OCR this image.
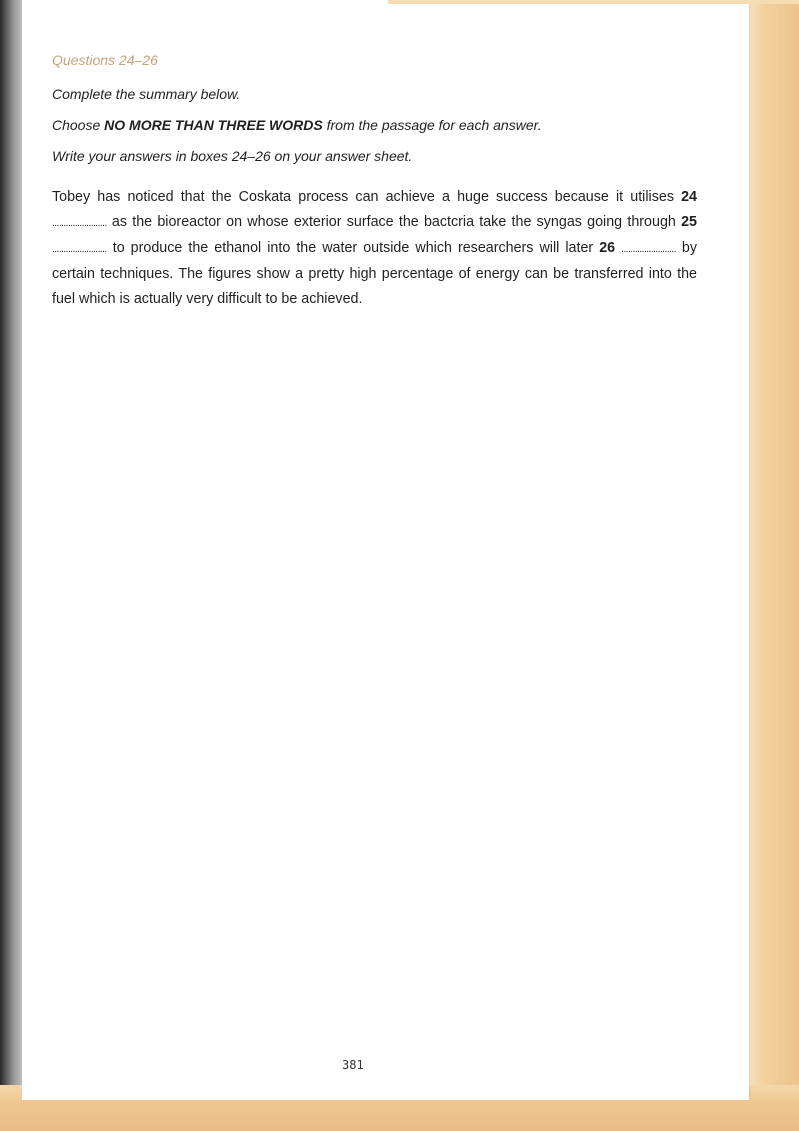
Questions 24–26
Complete the summary below.
Choose NO MORE THAN THREE WORDS from the passage for each answer.
Write your answers in boxes 24–26 on your answer sheet.
Tobey has noticed that the Coskata process can achieve a huge success because it utilises 24 ........................ as the bioreactor on whose exterior surface the bactcria take the syngas going through 25 ........................ to produce the ethanol into the water outside which researchers will later 26 ........................ by certain techniques. The figures show a pretty high percentage of energy can be transferred into the fuel which is actually very difficult to be achieved.
381
